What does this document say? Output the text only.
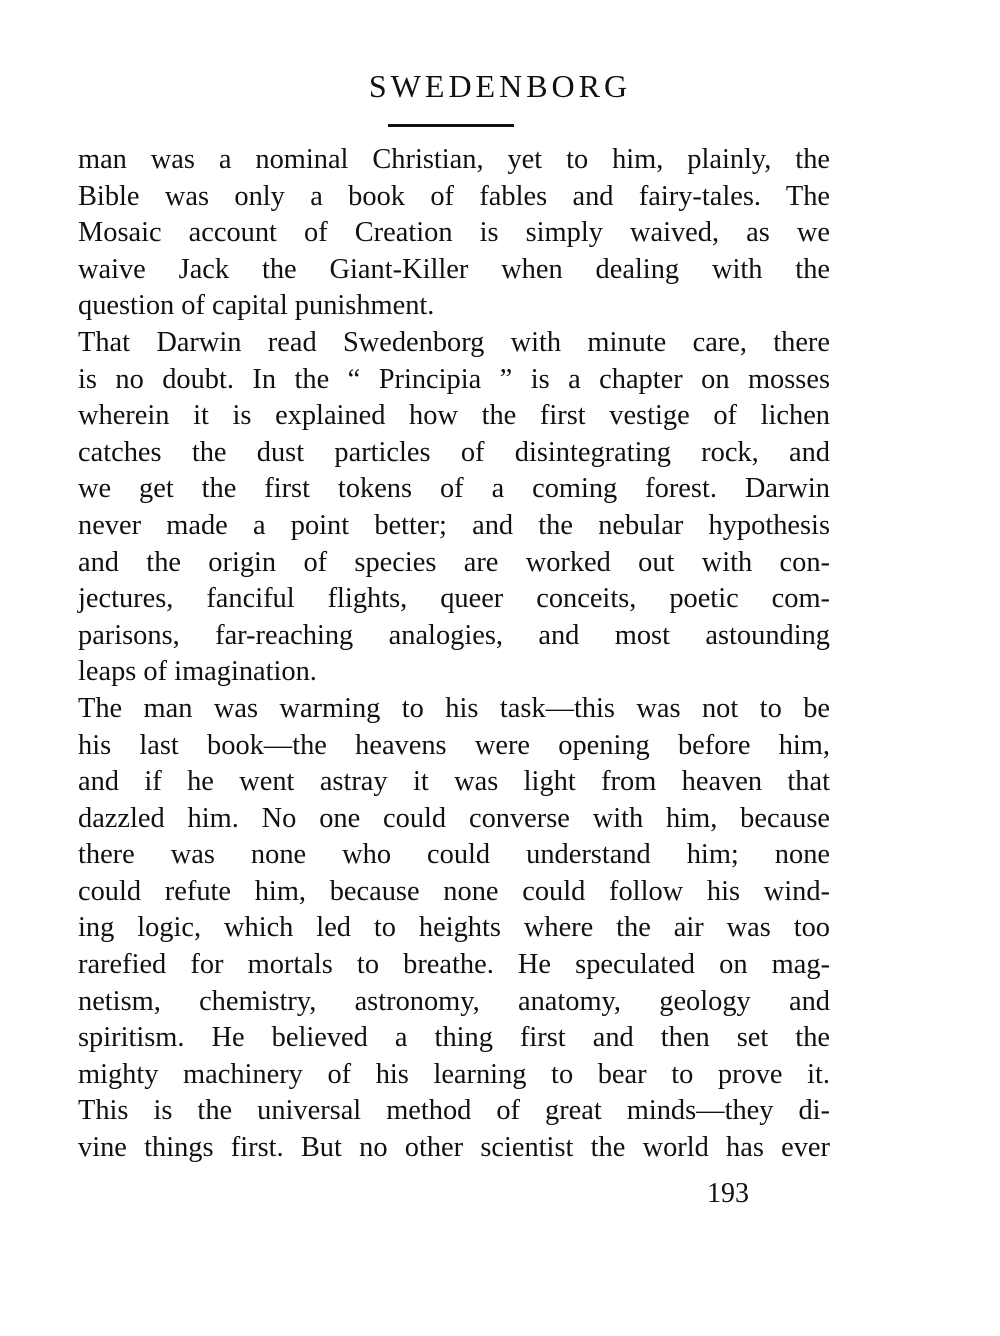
SWEDENBORG
man was a nominal Christian, yet to him, plainly, the
Bible was only a book of fables and fairy-tales. The
Mosaic account of Creation is simply waived, as we
waive Jack the Giant-Killer when dealing with the
question of capital punishment.
That Darwin read Swedenborg with minute care, there
is no doubt. In the “ Principia ” is a chapter on mosses
wherein it is explained how the first vestige of lichen
catches the dust particles of disintegrating rock, and
we get the first tokens of a coming forest. Darwin
never made a point better; and the nebular hypothesis
and the origin of species are worked out with con-
jectures, fanciful flights, queer conceits, poetic com-
parisons, far-reaching analogies, and most astounding
leaps of imagination.
The man was warming to his task—this was not to be
his last book—the heavens were opening before him,
and if he went astray it was light from heaven that
dazzled him. No one could converse with him, because
there was none who could understand him; none
could refute him, because none could follow his wind-
ing logic, which led to heights where the air was too
rarefied for mortals to breathe. He speculated on mag-
netism, chemistry, astronomy, anatomy, geology and
spiritism. He believed a thing first and then set the
mighty machinery of his learning to bear to prove it.
This is the universal method of great minds—they di-
vine things first. But no other scientist the world has ever
193
